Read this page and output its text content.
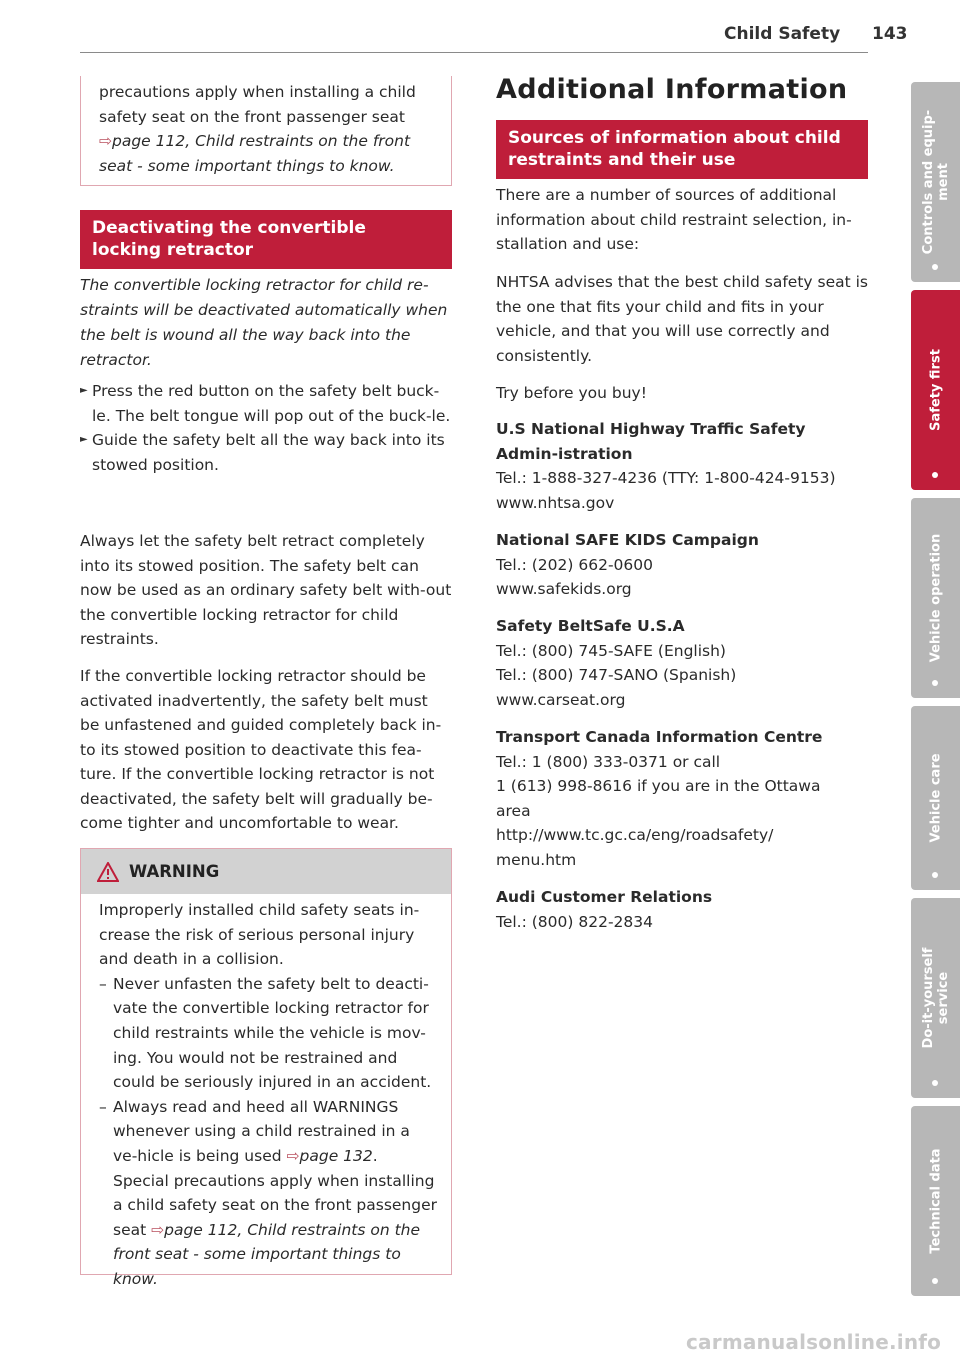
Child Safety 143

precautions apply when installing a child safety seat on the front passenger seat ⇨page 112, Child restraints on the front seat - some important things to know.

Deactivating the convertible locking retractor

The convertible locking retractor for child re-straints will be deactivated automatically when the belt is wound all the way back into the retractor.

► Press the red button on the safety belt buck-le. The belt tongue will pop out of the buck-le.
► Guide the safety belt all the way back into its stowed position.

Always let the safety belt retract completely into its stowed position. The safety belt can now be used as an ordinary safety belt with-out the convertible locking retractor for child restraints.

If the convertible locking retractor should be activated inadvertently, the safety belt must be unfastened and guided completely back in-to its stowed position to deactivate this fea-ture. If the convertible locking retractor is not deactivated, the safety belt will gradually be-come tighter and uncomfortable to wear.

WARNING

Improperly installed child safety seats in-crease the risk of serious personal injury and death in a collision.

– Never unfasten the safety belt to deacti-vate the convertible locking retractor for child restraints while the vehicle is mov-ing. You would not be restrained and could be seriously injured in an accident.

– Always read and heed all WARNINGS whenever using a child restrained in a ve-hicle is being used ⇨page 132. Special precautions apply when installing a child safety seat on the front passenger seat ⇨page 112, Child restraints on the front seat - some important things to know.

Additional Information
Sources of information about child restraints and their use

There are a number of sources of additional information about child restraint selection, in-stallation and use:

NHTSA advises that the best child safety seat is the one that fits your child and fits in your vehicle, and that you will use correctly and consistently.

Try before you buy!

U.S National Highway Traffic Safety Admin-istration
Tel.: 1-888-327-4236 (TTY: 1-800-424-9153)
www.nhtsa.gov
National SAFE KIDS Campaign
Tel.: (202) 662-0600
www.safekids.org
Safety BeltSafe U.S.A
Tel.: (800) 745-SAFE (English)
Tel.: (800) 747-SANO (Spanish)
www.carseat.org
Transport Canada Information Centre
Tel.: 1 (800) 333-0371 or call
1 (613) 998-8616 if you are in the Ottawa area
http://www.tc.gc.ca/eng/roadsafety/ menu.htm
Audi Customer Relations
Tel.: (800) 822-2834
Controls and equip-
ment
Safety first
Vehicle operation
Vehicle care
Do-it-yourself
service
Technical data
carmanualsonline.info
